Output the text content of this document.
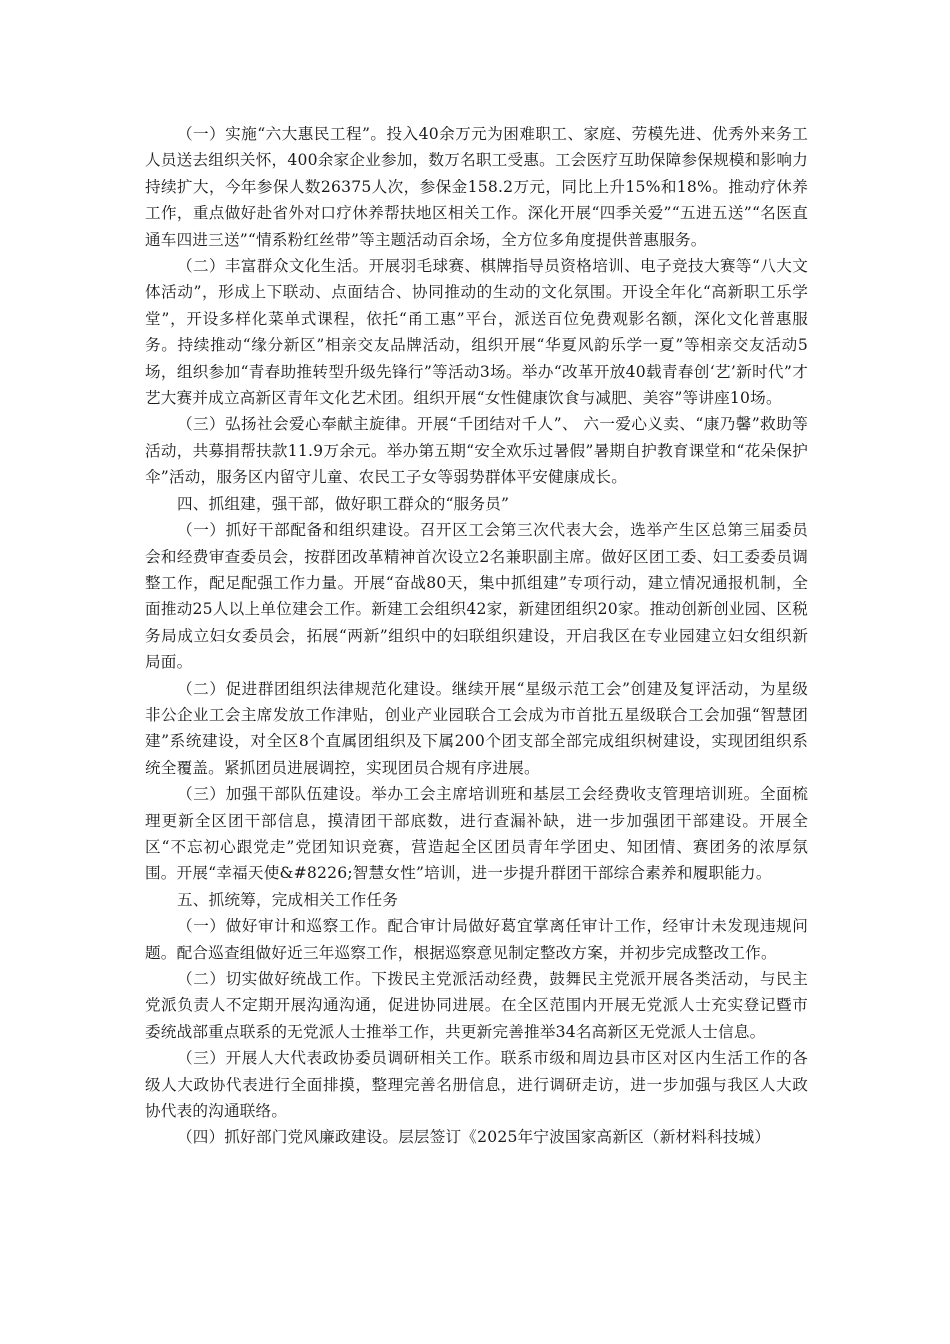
（一）实施“六大惠民工程”。投入40余万元为困难职工、家庭、劳模先进、优秀外来务工人员送去组织关怀，400余家企业参加，数万名职工受惠。工会医疗互助保障参保规模和影响力持续扩大，今年参保人数26375人次，参保金158.2万元，同比上升15%和18%。推动疗休养工作，重点做好赴省外对口疗休养帮扶地区相关工作。深化开展“四季关爱”“五进五送”“名医直通车四进三送”“情系粉红丝带”等主题活动百余场，全方位多角度提供普惠服务。

（二）丰富群众文化生活。开展羽毛球赛、棋牌指导员资格培训、电子竞技大赛等“八大文体活动”，形成上下联动、点面结合、协同推动的生动的文化氛围。开设全年化“高新职工乐学堂”，开设多样化菜单式课程，依托“甬工惠”平台，派送百位免费观影名额，深化文化普惠服务。持续推动“缘分新区”相亲交友品牌活动，组织开展“华夏风韵乐学一夏”等相亲交友活动5场，组织参加“青春助推转型升级先锋行”等活动3场。举办“改革开放40载青春创‘艺’新时代”才艺大赛并成立高新区青年文化艺术团。组织开展“女性健康饮食与减肥、美容”等讲座10场。

（三）弘扬社会爱心奉献主旋律。开展“千团结对千人”、 六一爱心义卖、“康乃馨”救助等活动，共募捐帮扶款11.9万余元。举办第五期“安全欢乐过暑假”暑期自护教育课堂和“花朵保护伞”活动，服务区内留守儿童、农民工子女等弱势群体平安健康成长。

四、抓组建，强干部，做好职工群众的“服务员”

（一）抓好干部配备和组织建设。召开区工会第三次代表大会，选举产生区总第三届委员会和经费审查委员会，按群团改革精神首次设立2名兼职副主席。做好区团工委、妇工委委员调整工作，配足配强工作力量。开展“奋战80天，集中抓组建”专项行动，建立情况通报机制，全面推动25人以上单位建会工作。新建工会组织42家，新建团组织20家。推动创新创业园、区税务局成立妇女委员会，拓展“两新”组织中的妇联组织建设，开启我区在专业园建立妇女组织新局面。

（二）促进群团组织法律规范化建设。继续开展“星级示范工会”创建及复评活动，为星级非公企业工会主席发放工作津贴，创业产业园联合工会成为市首批五星级联合工会加强“智慧团建”系统建设，对全区8个直属团组织及下属200个团支部全部完成组织树建设，实现团组织系统全覆盖。紧抓团员进展调控，实现团员合规有序进展。

（三）加强干部队伍建设。举办工会主席培训班和基层工会经费收支管理培训班。全面梳理更新全区团干部信息，摸清团干部底数，进行查漏补缺，进一步加强团干部建设。开展全区“不忘初心跟党走”党团知识竞赛，营造起全区团员青年学团史、知团情、赛团务的浓厚氛围。开展“幸福天使&#8226;智慧女性”培训，进一步提升群团干部综合素养和履职能力。

五、抓统筹，完成相关工作任务

（一）做好审计和巡察工作。配合审计局做好葛宜掌离任审计工作，经审计未发现违规问题。配合巡查组做好近三年巡察工作，根据巡察意见制定整改方案，并初步完成整改工作。

（二）切实做好统战工作。下拨民主党派活动经费，鼓舞民主党派开展各类活动，与民主党派负责人不定期开展沟通沟通，促进协同进展。在全区范围内开展无党派人士充实登记暨市委统战部重点联系的无党派人士推举工作，共更新完善推举34名高新区无党派人士信息。

（三）开展人大代表政协委员调研相关工作。联系市级和周边县市区对区内生活工作的各级人大政协代表进行全面排摸，整理完善名册信息，进行调研走访，进一步加强与我区人大政协代表的沟通联络。

（四）抓好部门党风廉政建设。层层签订《2025年宁波国家高新区（新材料科技城）
